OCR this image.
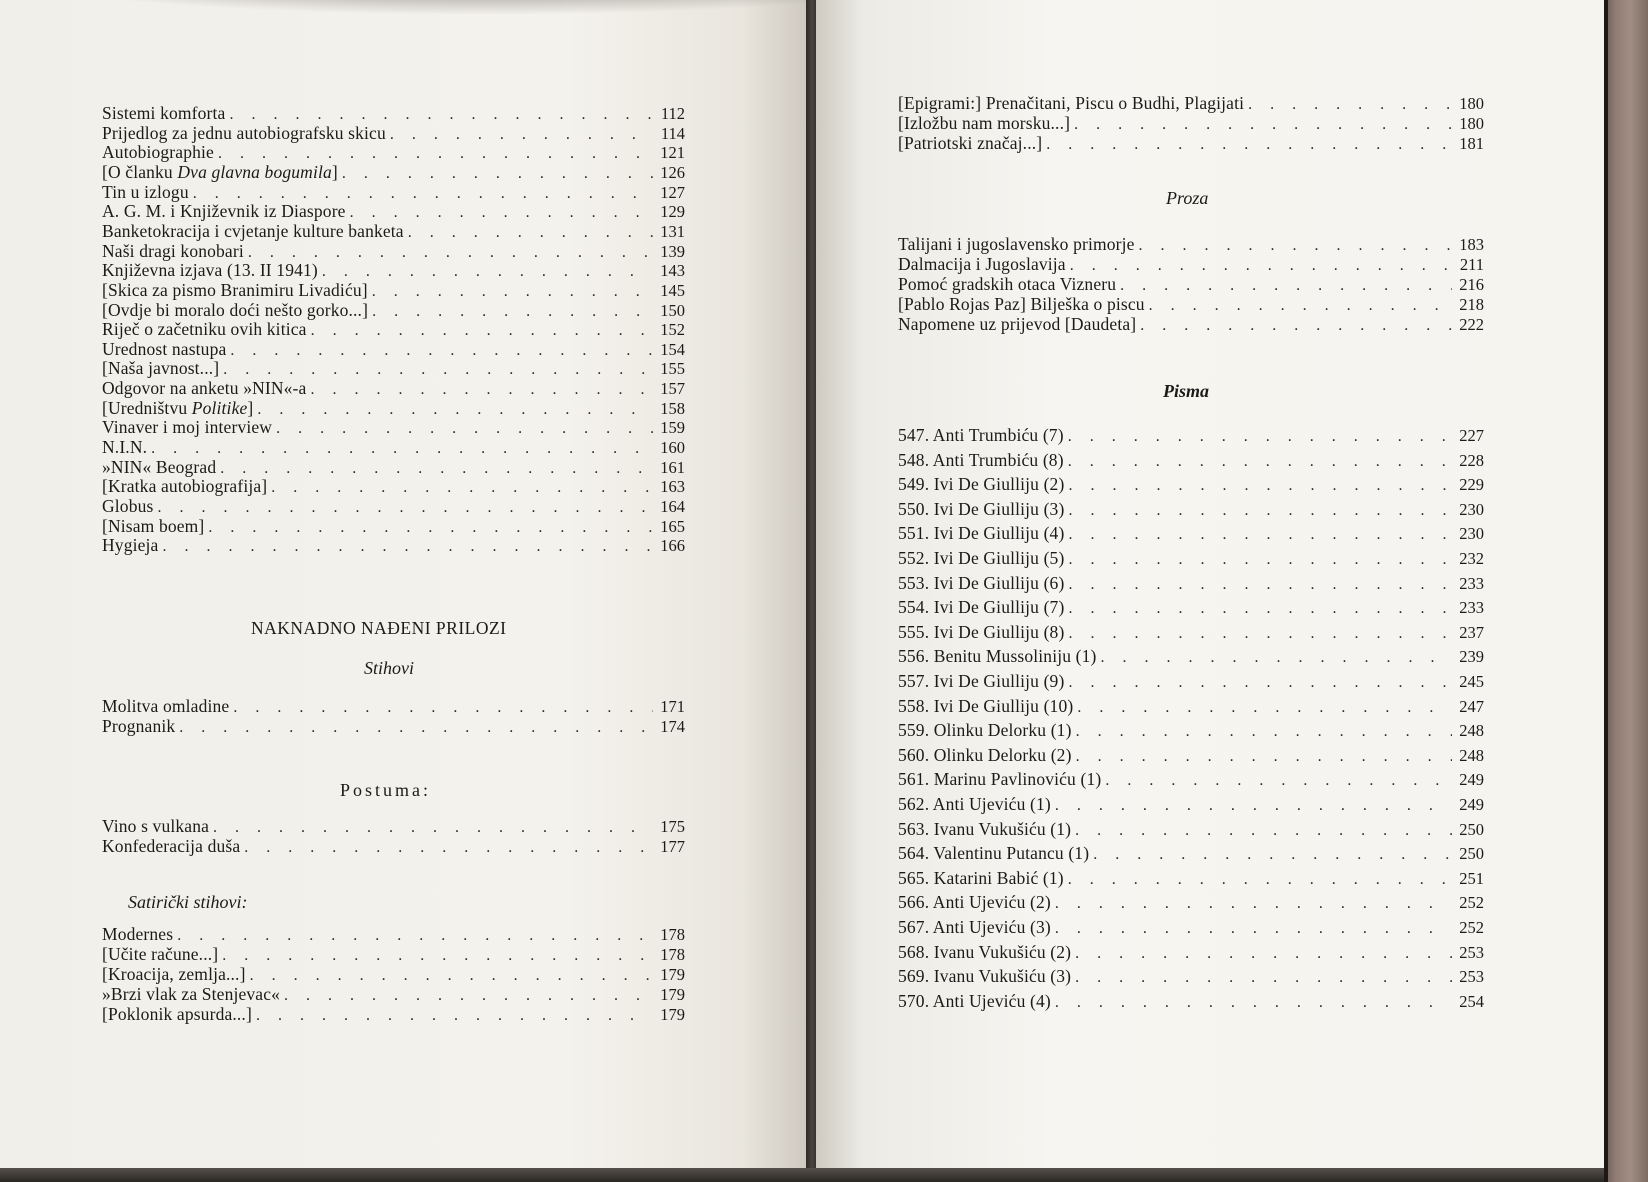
Sistemi komforta . . .	112
Prijedlog za jednu autobiografsku skicu . . .	114
Autobiographie . . .	121
[O članku Dva glavna bogumila] . . .	126
Tin u izlogu . . .	127
A. G. M. i Književnik iz Diaspore . . .	129
Banketokracija i cvjetanje kulture banketa . . .	131
Naši dragi konobari . . .	139
Književna izjava (13. II 1941) . . .	143
[Skica za pismo Branimiru Livadiću] . . .	145
[Ovdje bi moralo doći nešto gorko...] . . .	150
Riječ o začetniku ovih kitica . . .	152
Urednost nastupa . . .	154
[Naša javnost...] . . .	155
Odgovor na anketu »NIN«-a . . .	157
[Uredništvu Politike] . . .	158
Vinaver i moj interview . . .	159
N.I.N. . . .	160
»NIN« Beograd . . .	161
[Kratka autobiografija] . . .	163
Globus . . .	164
[Nisam boem] . . .	165
Hygieja . . .	166
NAKNADNO NAĐENI PRILOZI
Stihovi
Molitva omladine . . .	171
Prognanik . . .	174
Postuma:
Vino s vulkana . . .	175
Konfederacija duša . . .	177
Satirički stihovi:
Modernes . . .	178
[Učite račune...] . . .	178
[Kroacija, zemlja...] . . .	179
»Brzi vlak za Stenjevac« . . .	179
[Poklonik apsurda...] . . .	179
[Epigrami:] Prenačitani, Piscu o Budhi, Plagijati . . .	180
[Izložbu nam morsku...] . . .	180
[Patriotski značaj...] . . .	181
Proza
Talijani i jugoslavensko primorje . . .	183
Dalmacija i Jugoslavija . . .	211
Pomoć gradskih otaca Vizneru . . .	216
[Pablo Rojas Paz] Bilješka o piscu . . .	218
Napomene uz prijevod [Daudeta] . . .	222
Pisma
547. Anti Trumbiću (7) . . .	227
548. Anti Trumbiću (8) . . .	228
549. Ivi De Giulliju (2) . . .	229
550. Ivi De Giulliju (3) . . .	230
551. Ivi De Giulliju (4) . . .	230
552. Ivi De Giulliju (5) . . .	232
553. Ivi De Giulliju (6) . . .	233
554. Ivi De Giulliju (7) . . .	233
555. Ivi De Giulliju (8) . . .	237
556. Benitu Mussoliniju (1) . . .	239
557. Ivi De Giulliju (9) . . .	245
558. Ivi De Giulliju (10) . . .	247
559. Olinku Delorku (1) . . .	248
560. Olinku Delorku (2) . . .	248
561. Marinu Pavlinoviću (1) . . .	249
562. Anti Ujeviću (1) . . .	249
563. Ivanu Vukušiću (1) . . .	250
564. Valentinu Putancu (1) . . .	250
565. Katarini Babić (1) . . .	251
566. Anti Ujeviću (2) . . .	252
567. Anti Ujeviću (3) . . .	252
568. Ivanu Vukušiću (2) . . .	253
569. Ivanu Vukušiću (3) . . .	253
570. Anti Ujeviću (4) . . .	254
